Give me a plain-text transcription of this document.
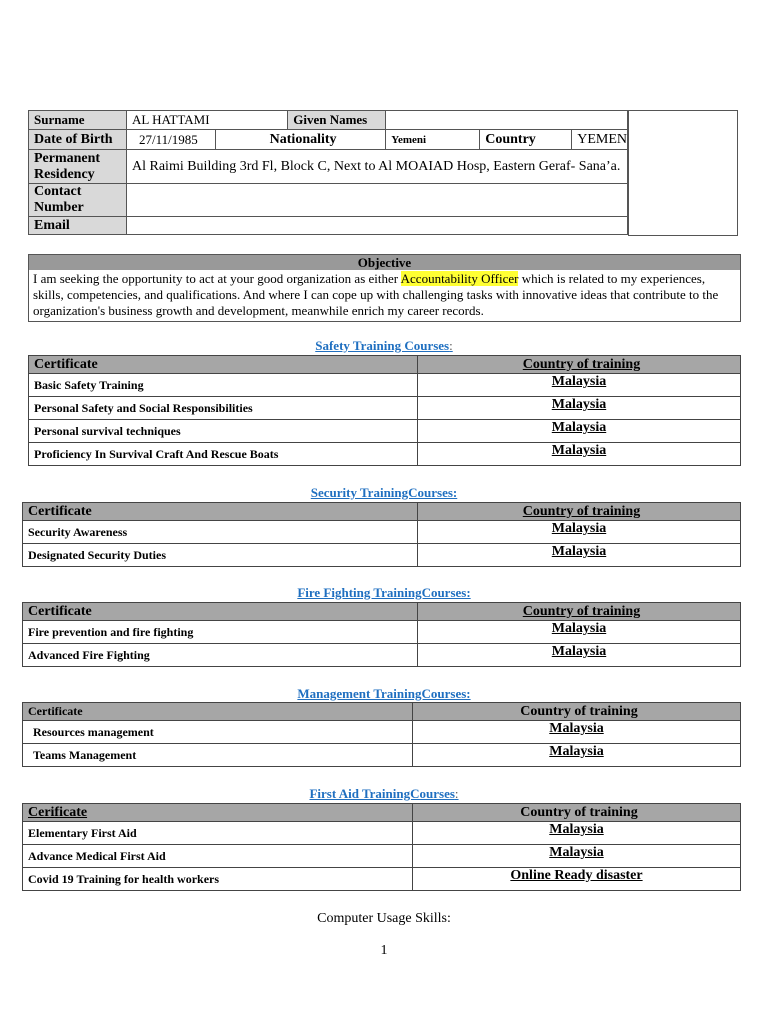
Surname	AL HATTAMI		Given Names			
Date of Birth	27/11/1985	Nationality		Yemeni	Country	YEMEN
Permanent Residency	Al Raimi Building 3rd Fl, Block C, Next to Al MOAIAD Hosp, Eastern Geraf- Sana’a.					
Contact Number						
Email						
Objective
I am seeking the opportunity to act at your good organization as either Accountability Officer which is related to my experiences, skills, competencies, and qualifications. And where I can cope up with challenging tasks with innovative ideas that contribute to the organization's business growth and development, meanwhile enrich my career records.
Safety Training Courses:
Certificate	Country of training
Basic Safety Training	Malaysia
Personal Safety and Social Responsibilities	Malaysia
Personal survival techniques	Malaysia
Proficiency In Survival Craft And Rescue Boats	Malaysia
Security TrainingCourses:
Certificate	Country of training
Security Awareness	Malaysia
Designated Security Duties	Malaysia
Fire Fighting TrainingCourses:
Certificate	Country of training
Fire prevention and fire fighting	Malaysia
Advanced Fire Fighting	Malaysia
Management TrainingCourses:
Certificate	Country of training
Resources management	Malaysia
Teams Management	Malaysia
First Aid TrainingCourses:
Cerificate	Country of training
Elementary First Aid	Malaysia
Advance Medical First Aid	Malaysia
Covid 19 Training for health workers	Online Ready disaster
Computer Usage Skills:
1
